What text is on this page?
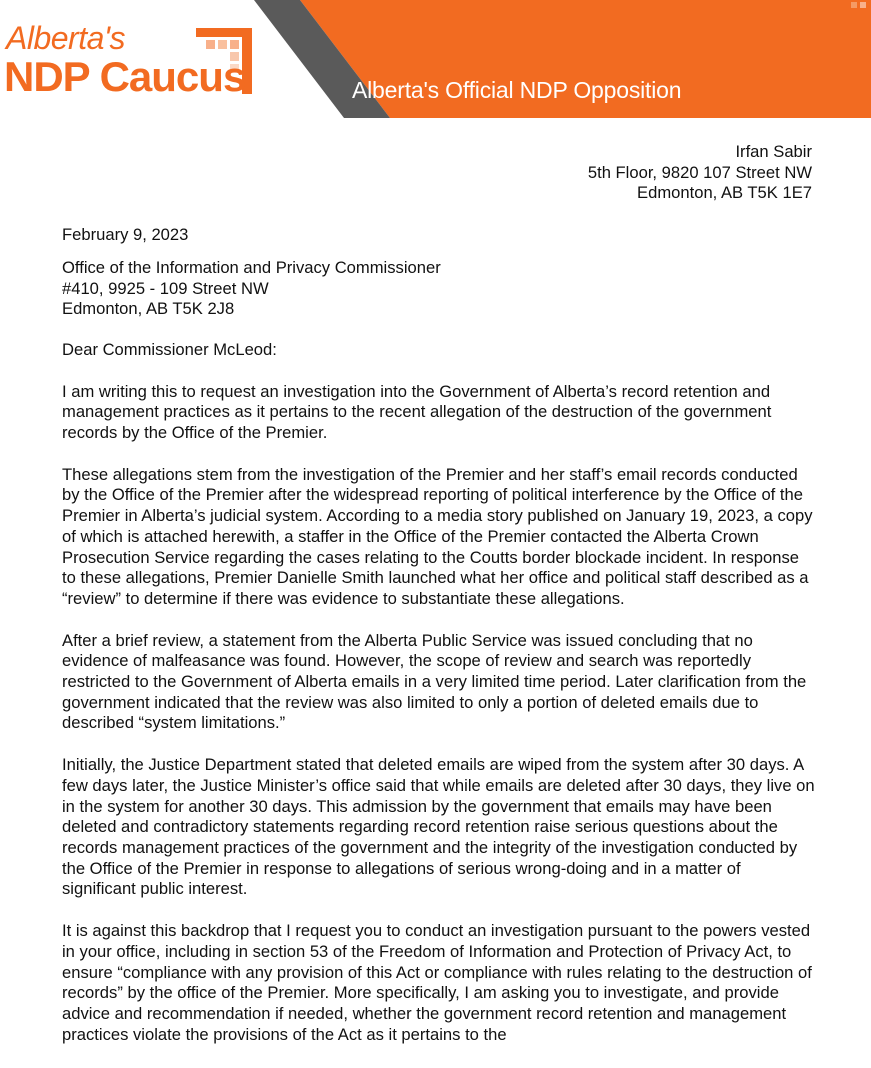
Alberta's
NDP Caucus	Alberta's Official NDP Opposition
Irfan Sabir
5th Floor, 9820 107 Street NW
Edmonton, AB T5K 1E7
February 9, 2023
Office of the Information and Privacy Commissioner
#410, 9925 - 109 Street NW
Edmonton, AB T5K 2J8
Dear Commissioner McLeod:

I am writing this to request an investigation into the Government of Alberta’s record retention and management practices as it pertains to the recent allegation of the destruction of the government records by the Office of the Premier.

These allegations stem from the investigation of the Premier and her staff’s email records conducted by the Office of the Premier after the widespread reporting of political interference by the Office of the Premier in Alberta’s judicial system. According to a media story published on January 19, 2023, a copy of which is attached herewith, a staffer in the Office of the Premier contacted the Alberta Crown Prosecution Service regarding the cases relating to the Coutts border blockade incident. In response to these allegations, Premier Danielle Smith launched what her office and political staff described as a “review” to determine if there was evidence to substantiate these allegations.

After a brief review, a statement from the Alberta Public Service was issued concluding that no evidence of malfeasance was found. However, the scope of review and search was reportedly restricted to the Government of Alberta emails in a very limited time period. Later clarification from the government indicated that the review was also limited to only a portion of deleted emails due to described “system limitations.”

Initially, the Justice Department stated that deleted emails are wiped from the system after 30 days. A few days later, the Justice Minister’s office said that while emails are deleted after 30 days, they live on in the system for another 30 days. This admission by the government that emails may have been deleted and contradictory statements regarding record retention raise serious questions about the records management practices of the government and the integrity of the investigation conducted by the Office of the Premier in response to allegations of serious wrong-doing and in a matter of significant public interest.

It is against this backdrop that I request you to conduct an investigation pursuant to the powers vested in your office, including in section 53 of the Freedom of Information and Protection of Privacy Act, to ensure “compliance with any provision of this Act or compliance with rules relating to the destruction of records” by the office of the Premier. More specifically, I am asking you to investigate, and provide advice and recommendation if needed, whether the government record retention and management practices violate the provisions of the Act as it pertains to the
